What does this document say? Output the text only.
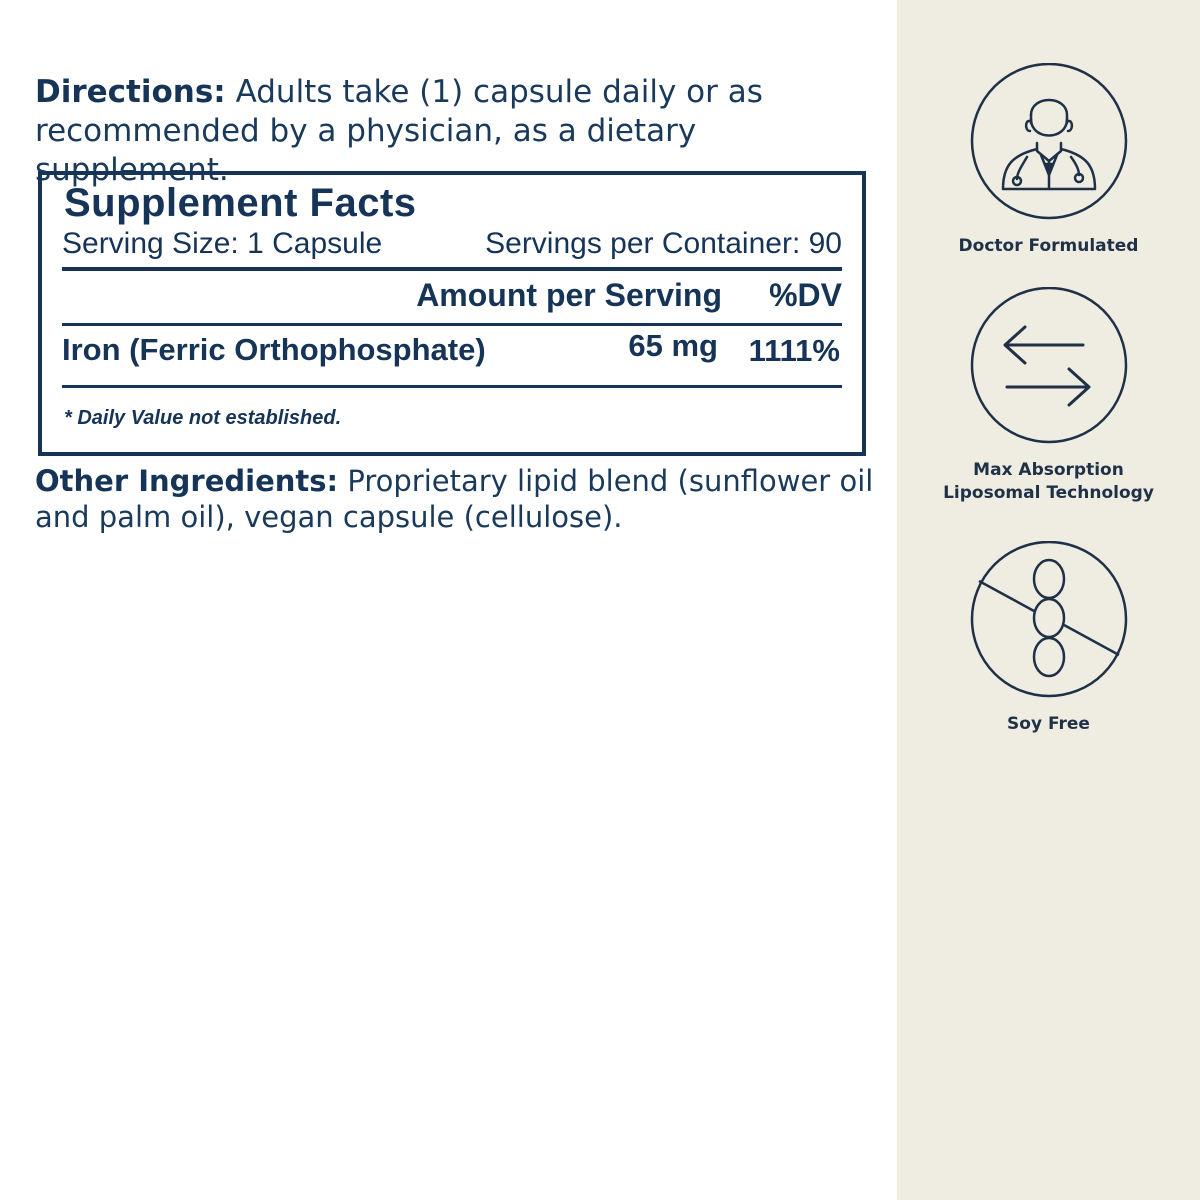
Directions: Adults take (1) capsule daily or as recommended by a physician, as a dietary supplement.
Supplement Facts
Serving Size: 1 Capsule	Servings per Container: 90
Amount per Serving %DV
Iron (Ferric Orthophosphate)	65 mg 1111%
* Daily Value not established.
Other Ingredients: Proprietary lipid blend (sunflower oil and palm oil), vegan capsule (cellulose).
Doctor Formulated
Max Absorption
Liposomal Technology
Soy Free
